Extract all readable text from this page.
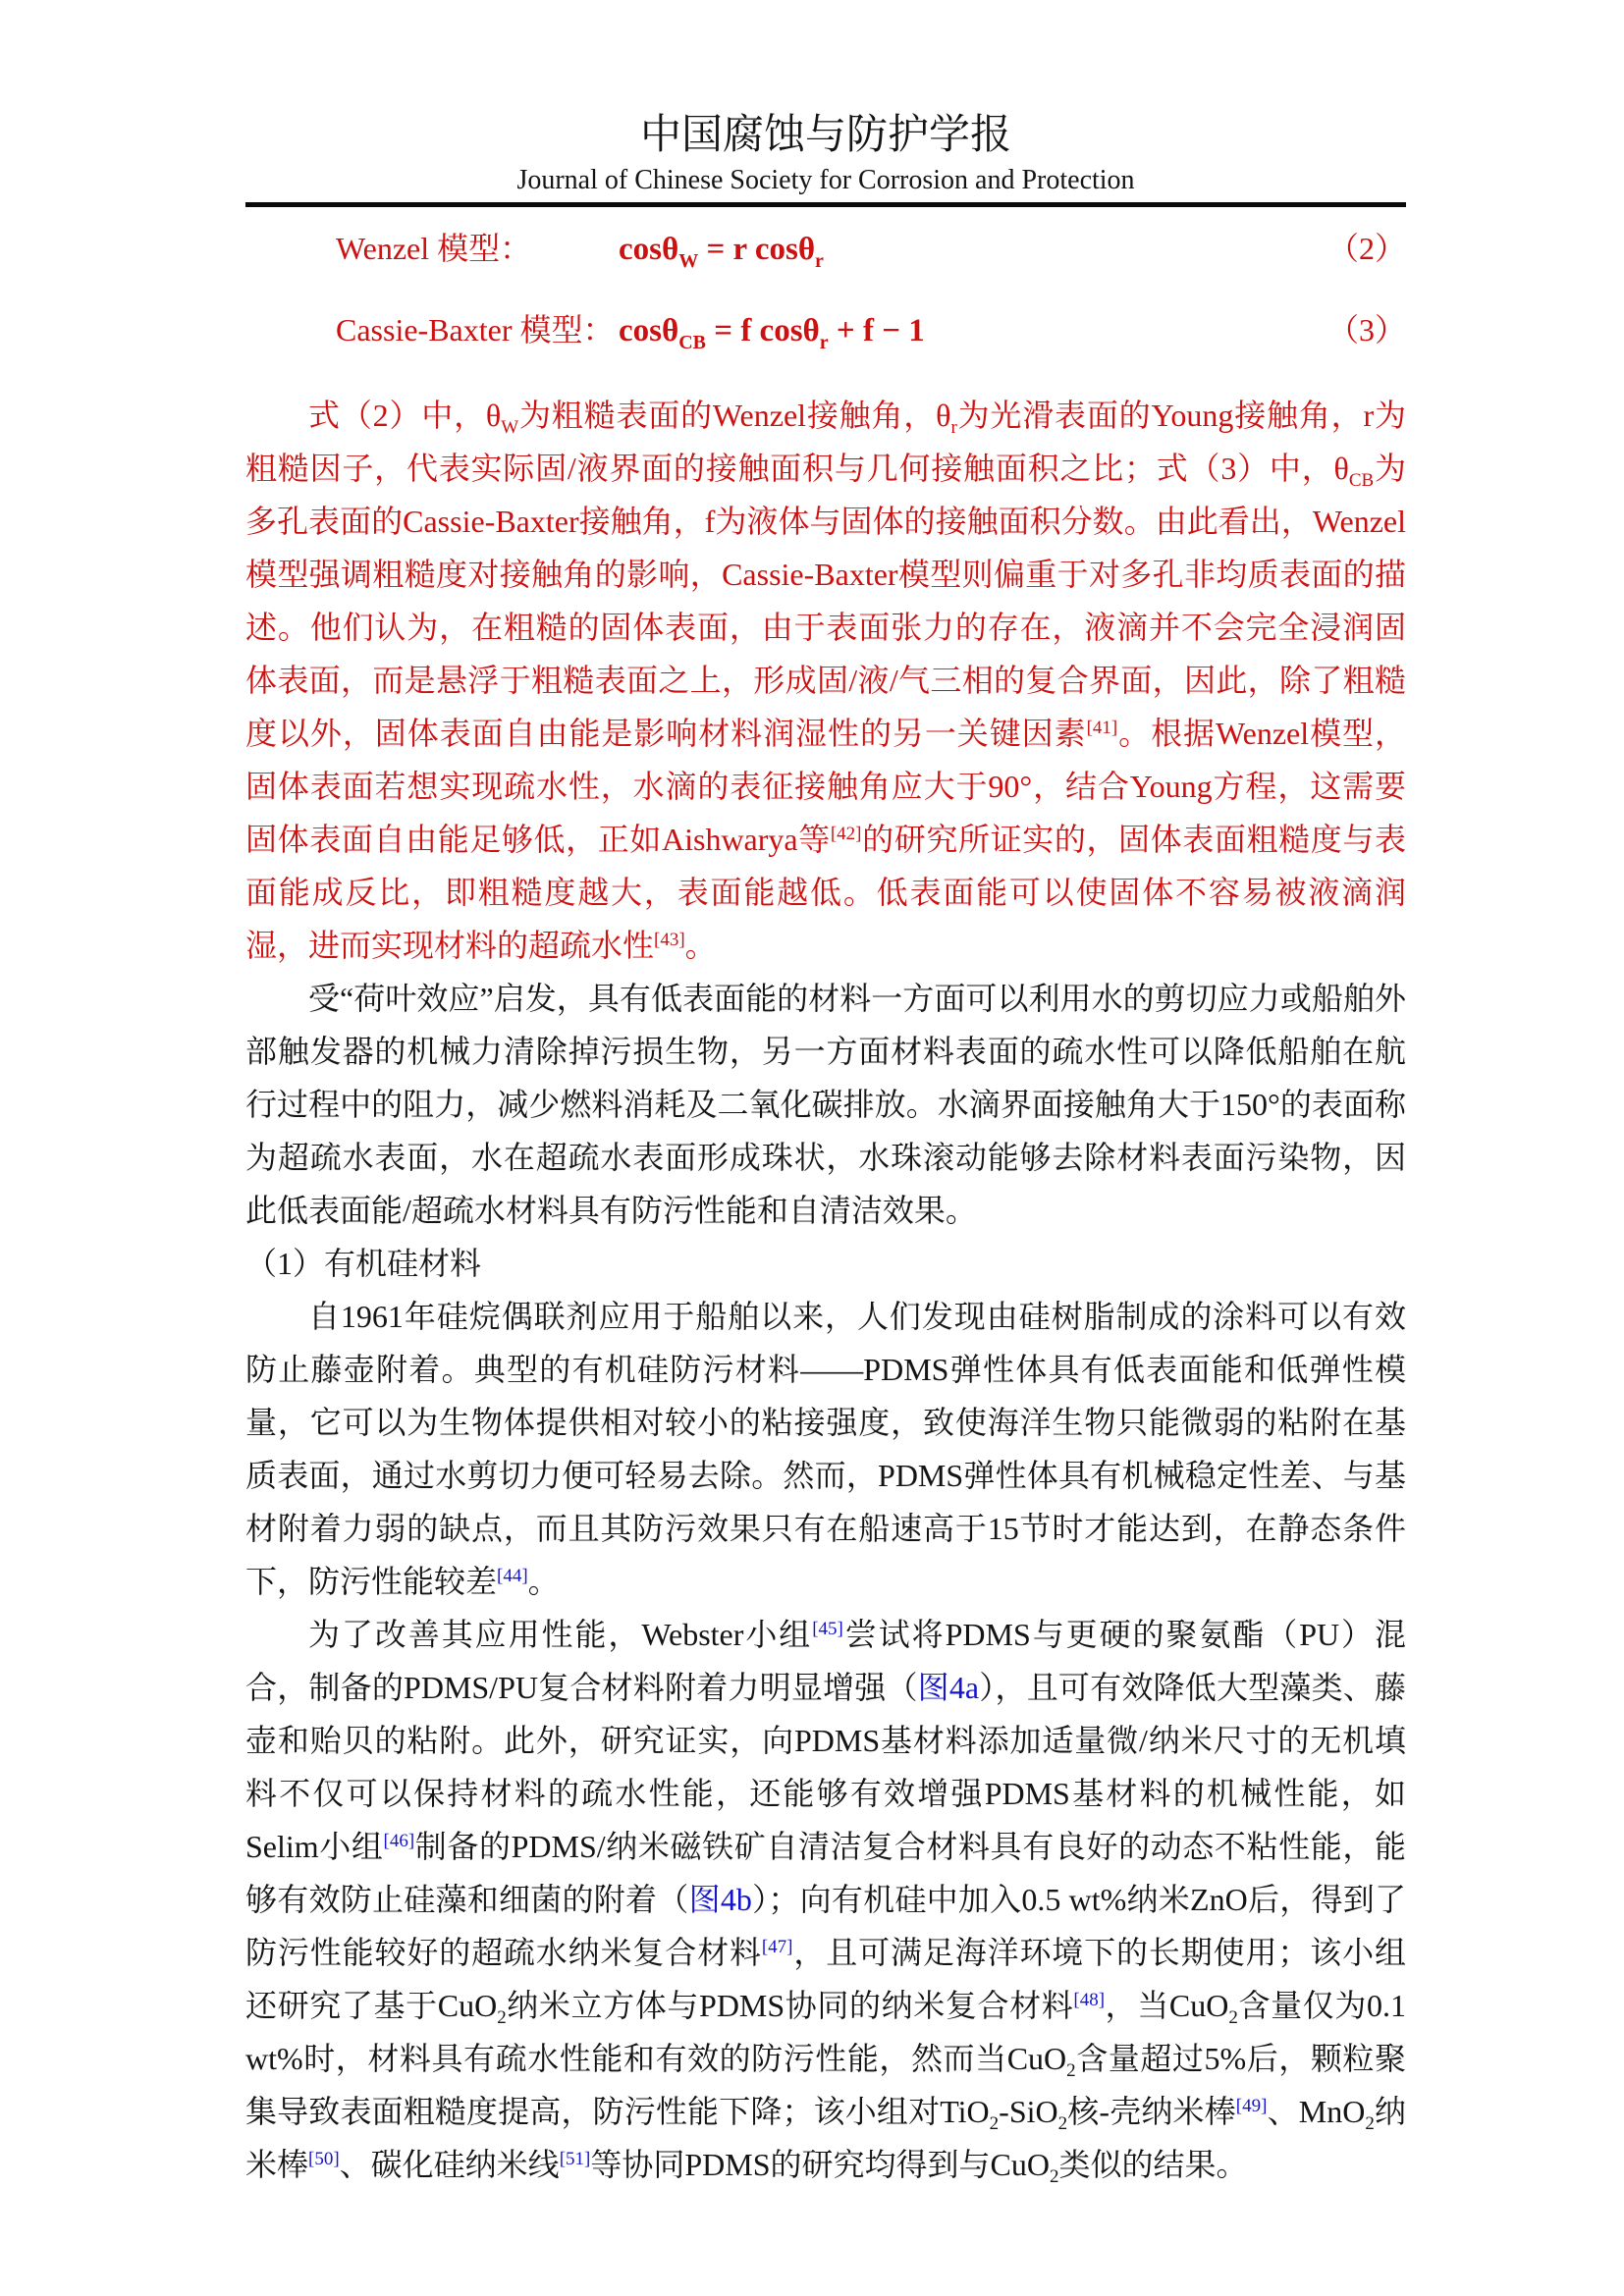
中国腐蚀与防护学报
Journal of Chinese Society for Corrosion and Protection
Wenzel 模型：	cosθ$_W$ = r cosθ$_r$	（2）
Cassie-Baxter 模型： cosθ$_{CB}$ = f cosθ$_r$ + f − 1	（3）

式（2）中，$\theta_W$为粗糙表面的Wenzel接触角，$\theta_r$为光滑表面的Young接触角，r为粗糙因子，代表实际固/液界面的接触面积与几何接触面积之比；式（3）中，$\theta_{CB}$为多孔表面的Cassie-Baxter接触角，f为液体与固体的接触面积分数。由此看出，Wenzel模型强调粗糙度对接触角的影响，Cassie-Baxter模型则偏重于对多孔非均质表面的描述。他们认为，在粗糙的固体表面，由于表面张力的存在，液滴并不会完全浸润固体表面，而是悬浮于粗糙表面之上，形成固/液/气三相的复合界面，因此，除了粗糙度以外，固体表面自由能是影响材料润湿性的另一关键因素[41]。根据Wenzel模型，固体表面若想实现疏水性，水滴的表征接触角应大于90°，结合Young方程，这需要固体表面自由能足够低，正如Aishwarya等[42]的研究所证实的，固体表面粗糙度与表面能成反比，即粗糙度越大，表面能越低。低表面能可以使固体不容易被液滴润湿，进而实现材料的超疏水性[43]。

受“荷叶效应”启发，具有低表面能的材料一方面可以利用水的剪切应力或船舶外部触发器的机械力清除掉污损生物，另一方面材料表面的疏水性可以降低船舶在航行过程中的阻力，减少燃料消耗及二氧化碳排放。水滴界面接触角大于150°的表面称为超疏水表面，水在超疏水表面形成珠状，水珠滚动能够去除材料表面污染物，因此低表面能/超疏水材料具有防污性能和自清洁效果。

（1）有机硅材料

自1961年硅烷偶联剂应用于船舶以来，人们发现由硅树脂制成的涂料可以有效防止藤壶附着。典型的有机硅防污材料——PDMS弹性体具有低表面能和低弹性模量，它可以为生物体提供相对较小的粘接强度，致使海洋生物只能微弱的粘附在基质表面，通过水剪切力便可轻易去除。然而，PDMS弹性体具有机械稳定性差、与基材附着力弱的缺点，而且其防污效果只有在船速高于15节时才能达到，在静态条件下，防污性能较差[44]。

为了改善其应用性能，Webster小组[45]尝试将PDMS与更硬的聚氨酯（PU）混合，制备的PDMS/PU复合材料附着力明显增强（图4a），且可有效降低大型藻类、藤壶和贻贝的粘附。此外，研究证实，向PDMS基材料添加适量微/纳米尺寸的无机填料不仅可以保持材料的疏水性能，还能够有效增强PDMS基材料的机械性能，如Selim小组[46]制备的PDMS/纳米磁铁矿自清洁复合材料具有良好的动态不粘性能，能够有效防止硅藻和细菌的附着（图4b）；向有机硅中加入0.5 wt%纳米ZnO后，得到了防污性能较好的超疏水纳米复合材料[47]，且可满足海洋环境下的长期使用；该小组还研究了基于CuO$_2$纳米立方体与PDMS协同的纳米复合材料[48]，当CuO$_2$含量仅为0.1 wt%时，材料具有疏水性能和有效的防污性能，然而当CuO$_2$含量超过5%后，颗粒聚集导致表面粗糙度提高，防污性能下降；该小组对TiO$_2$-SiO$_2$核-壳纳米棒[49]、MnO$_2$纳米棒[50]、碳化硅纳米线[51]等协同PDMS的研究均得到与CuO$_2$类似的结果。
